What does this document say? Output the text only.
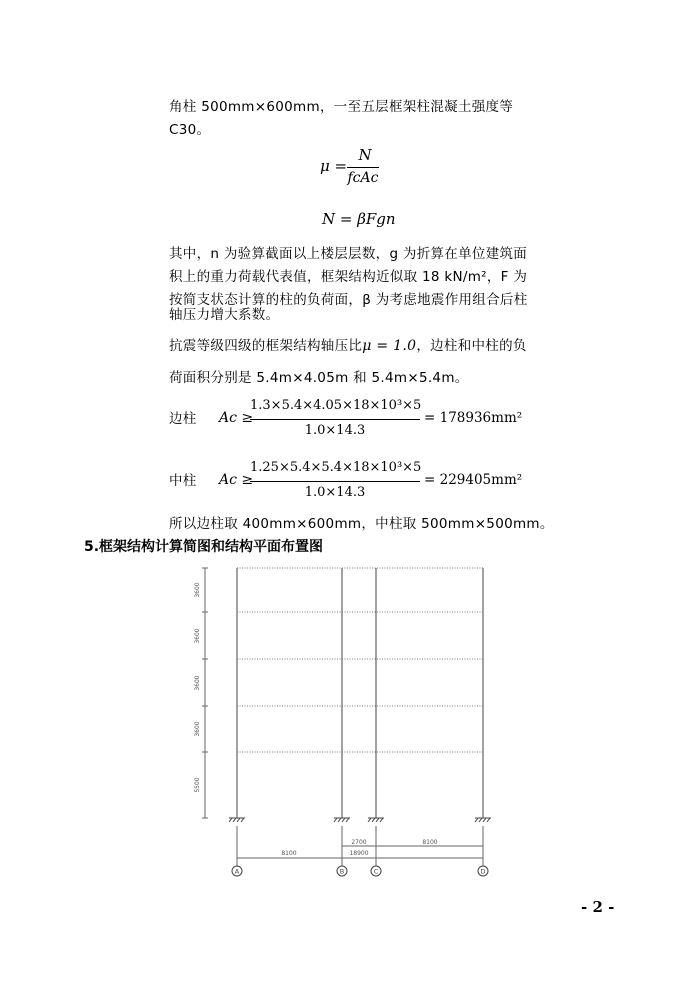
角柱 500mm×600mm，一至五层框架柱混凝土强度等
C30。
μ =
N
fcAc
N = βFgn
其中，n 为验算截面以上楼层层数，g 为折算在单位建筑面
积上的重力荷载代表值，框架结构近似取 18 kN/m²，F 为
按简支状态计算的柱的负荷面，β 为考虑地震作用组合后柱
轴压力增大系数。
抗震等级四级的框架结构轴压比μ = 1.0，边柱和中柱的负
荷面积分别是 5.4m×4.05m 和 5.4m×5.4m。
边柱 Ac ≥
1.3×5.4×4.05×18×10³×5
1.0×14.3
= 178936mm²
中柱 Ac ≥
1.25×5.4×5.4×18×10³×5
1.0×14.3
= 229405mm²
所以边柱取 400mm×600mm，中柱取 500mm×500mm。
5.框架结构计算简图和结构平面布置图
3600
3600
3600
3600
5500
2700	8100
8100	18900
A	B	C	D
- 2 -
